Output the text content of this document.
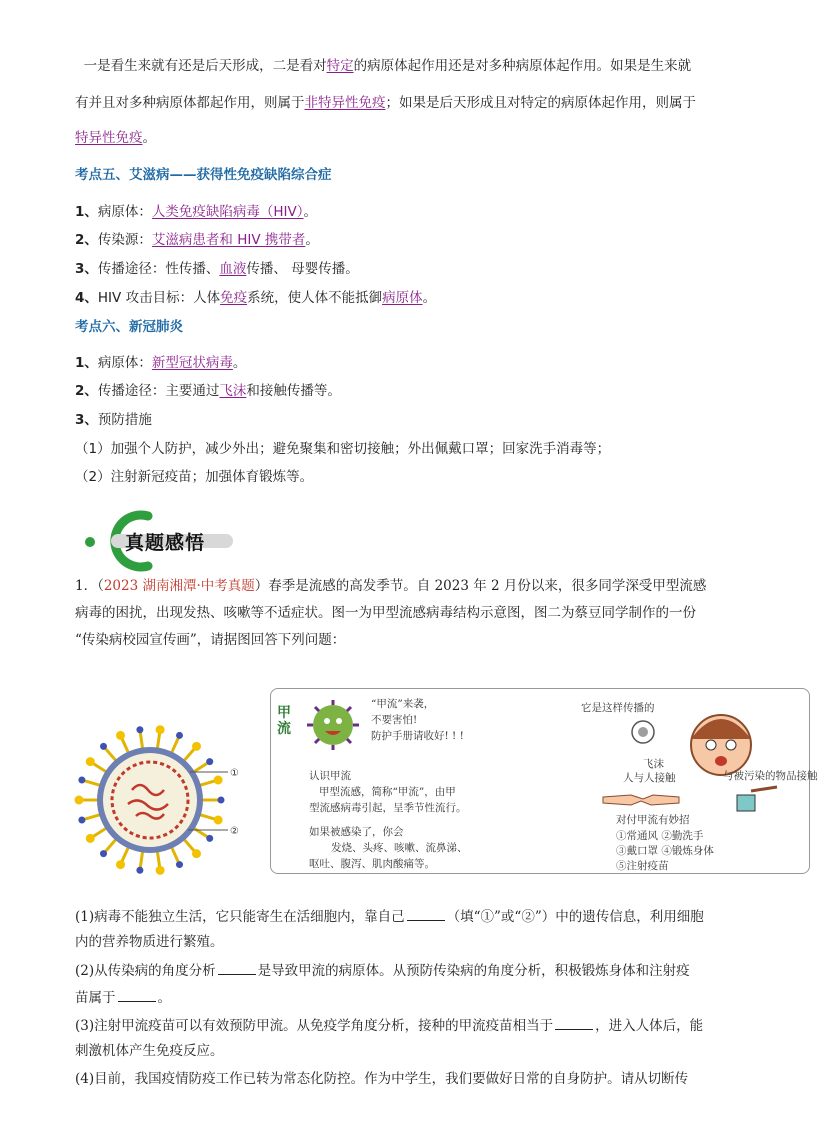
一是看生来就有还是后天形成，二是看对特定的病原体起作用还是对多种病原体起作用。如果是生来就
有并且对多种病原体都起作用，则属于非特异性免疫；如果是后天形成且对特定的病原体起作用，则属于
特异性免疫。
考点五、艾滋病——获得性免疫缺陷综合症
1、病原体：人类免疫缺陷病毒（HIV）。
2、传染源：艾滋病患者和 HIV 携带者。
3、传播途径：性传播、血液传播、 母婴传播。
4、HIV 攻击目标：人体免疫系统，使人体不能抵御病原体。
考点六、新冠肺炎
1、病原体：新型冠状病毒。
2、传播途径：主要通过飞沫和接触传播等。
3、预防措施
（1）加强个人防护，减少外出；避免聚集和密切接触；外出佩戴口罩；回家洗手消毒等；
（2）注射新冠疫苗；加强体育锻炼等。
真题感悟
1．（2023 湖南湘潭·中考真题）春季是流感的高发季节。自 2023 年 2 月份以来，很多同学深受甲型流感
病毒的困扰，出现发热、咳嗽等不适症状。图一为甲型流感病毒结构示意图，图二为蔡豆同学制作的一份
“传染病校园宣传画”，请据图回答下列问题：
①
②
甲流
“甲流”来袭，
不要害怕!
防护手册请收好! ! !
它是这样传播的
飞沫
人与人接触	与被污染的物品接触
认识甲流
甲型流感，简称“甲流”，由甲
型流感病毒引起，呈季节性流行。
如果被感染了，你会
发烧、头疼、咳嗽、流鼻涕、
呕吐、腹泻、肌肉酸痛等。
对付甲流有妙招
①常通风 ②勤洗手
③戴口罩 ④锻炼身体
⑤注射疫苗
(1)病毒不能独立生活，它只能寄生在活细胞内，靠自己	（填“①”或“②”）中的遗传信息，利用细胞
内的营养物质进行繁殖。
(2)从传染病的角度分析	是导致甲流的病原体。从预防传染病的角度分析，积极锻炼身体和注射疫
苗属于	。
(3)注射甲流疫苗可以有效预防甲流。从免疫学角度分析，接种的甲流疫苗相当于	，进入人体后，能
刺激机体产生免疫反应。
(4)目前，我国疫情防疫工作已转为常态化防控。作为中学生，我们要做好日常的自身防护。请从切断传
